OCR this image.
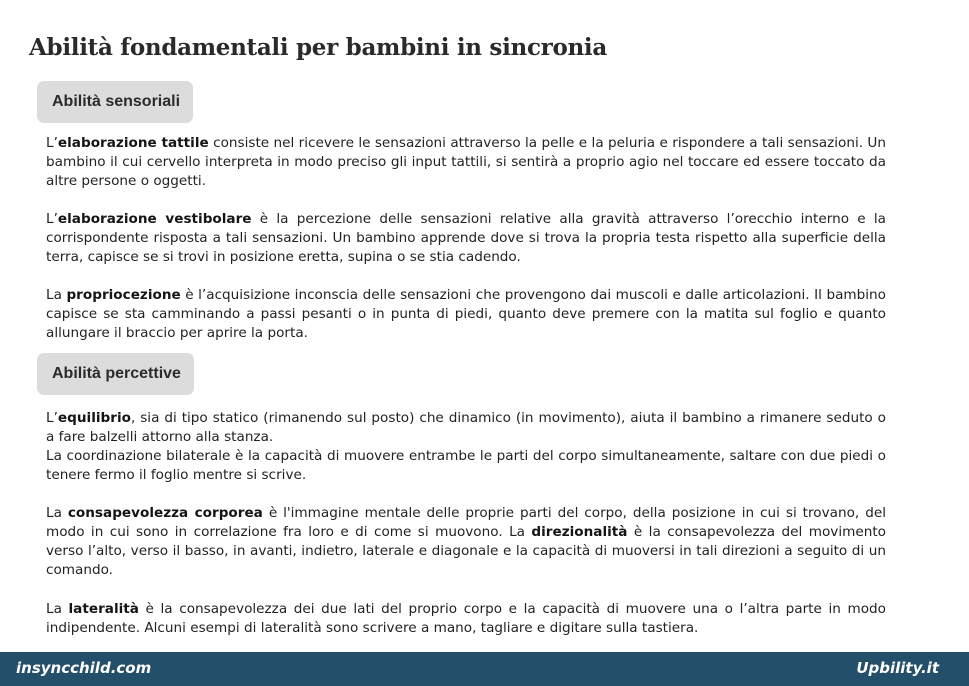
Abilità fondamentali per bambini in sincronia
Abilità sensoriali

L’elaborazione tattile consiste nel ricevere le sensazioni attraverso la pelle e la peluria e rispondere a tali sensazioni. Un bambino il cui cervello interpreta in modo preciso gli input tattili, si sentirà a proprio agio nel toccare ed essere toccato da altre persone o oggetti.

L’elaborazione vestibolare è la percezione delle sensazioni relative alla gravità attraverso l’orecchio interno e la corrispondente risposta a tali sensazioni. Un bambino apprende dove si trova la propria testa rispetto alla superficie della terra, capisce se si trovi in posizione eretta, supina o se stia cadendo.

La propriocezione è l’acquisizione inconscia delle sensazioni che provengono dai muscoli e dalle articolazioni. Il bambino capisce se sta camminando a passi pesanti o in punta di piedi, quanto deve premere con la matita sul foglio e quanto allungare il braccio per aprire la porta.

Abilità percettive

L’equilibrio, sia di tipo statico (rimanendo sul posto) che dinamico (in movimento), aiuta il bambino a rimanere seduto o a fare balzelli attorno alla stanza.

La coordinazione bilaterale è la capacità di muovere entrambe le parti del corpo simultaneamente, saltare con due piedi o tenere fermo il foglio mentre si scrive.

La consapevolezza corporea è l'immagine mentale delle proprie parti del corpo, della posizione in cui si trovano, del modo in cui sono in correlazione fra loro e di come si muovono. La direzionalità è la consapevolezza del movimento verso l’alto, verso il basso, in avanti, indietro, laterale e diagonale e la capacità di muoversi in tali direzioni a seguito di un comando.

La lateralità è la consapevolezza dei due lati del proprio corpo e la capacità di muovere una o l’altra parte in modo indipendente. Alcuni esempi di lateralità sono scrivere a mano, tagliare e digitare sulla tastiera.

insyncchild.com	Upbility.it
